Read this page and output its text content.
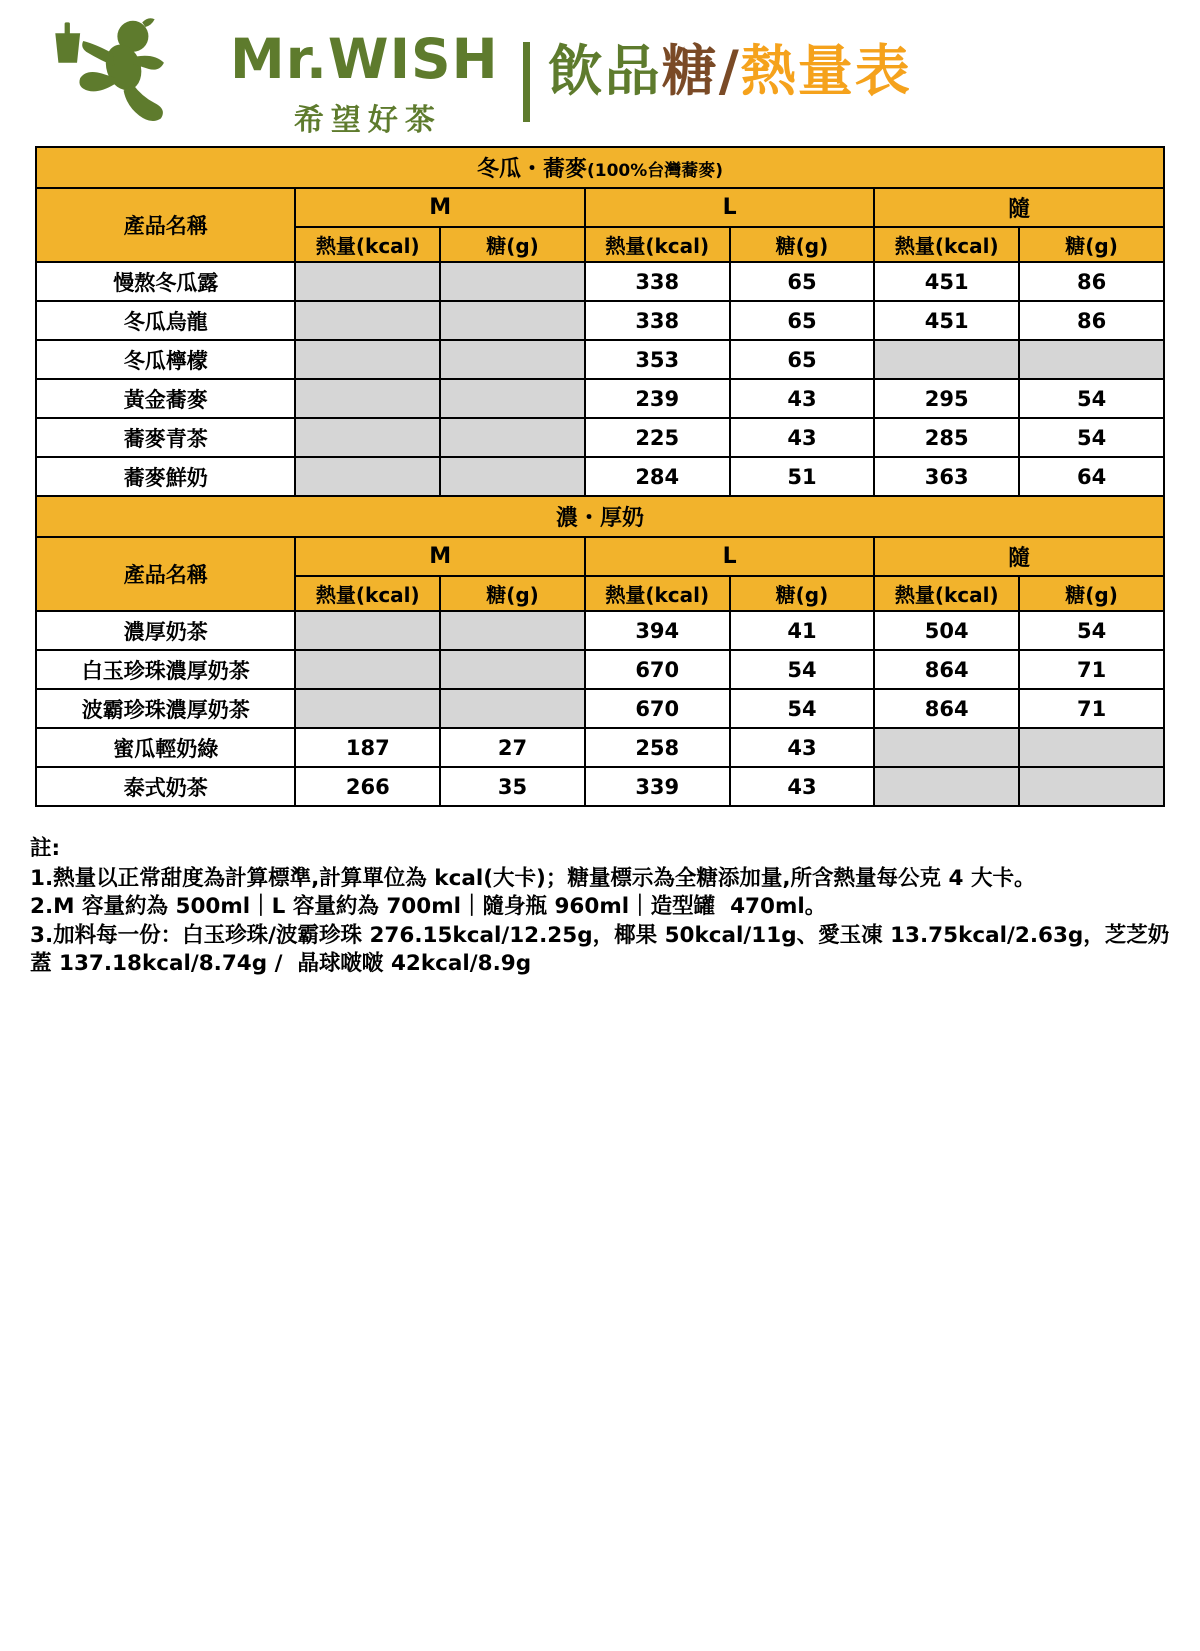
Mr.WISH
希望好茶
飲品糖/熱量表
冬瓜・蕎麥(100%台灣蕎麥)						
產品名稱	M		L		隨	
	熱量(kcal)	糖(g)	熱量(kcal)	糖(g)	熱量(kcal)	糖(g)
慢熬冬瓜露			338	65	451	86
冬瓜烏龍			338	65	451	86
冬瓜檸檬			353	65		
黃金蕎麥			239	43	295	54
蕎麥青茶			225	43	285	54
蕎麥鮮奶			284	51	363	64
濃・厚奶						
產品名稱	M		L		隨	
	熱量(kcal)	糖(g)	熱量(kcal)	糖(g)	熱量(kcal)	糖(g)
濃厚奶茶			394	41	504	54
白玉珍珠濃厚奶茶			670	54	864	71
波霸珍珠濃厚奶茶			670	54	864	71
蜜瓜輕奶綠	187	27	258	43		
泰式奶茶	266	35	339	43		
註:
1.熱量以正常甜度為計算標準,計算單位為 kcal(大卡)；糖量標示為全糖添加量,所含熱量每公克 4 大卡。
2.M 容量約為 500ml｜L 容量約為 700ml｜隨身瓶 960ml｜造型罐  470ml。
3.加料每一份：白玉珍珠/波霸珍珠 276.15kcal/12.25g，椰果 50kcal/11g、愛玉凍 13.75kcal/2.63g，芝芝奶蓋 137.18kcal/8.74g /  晶球啵啵 42kcal/8.9g
